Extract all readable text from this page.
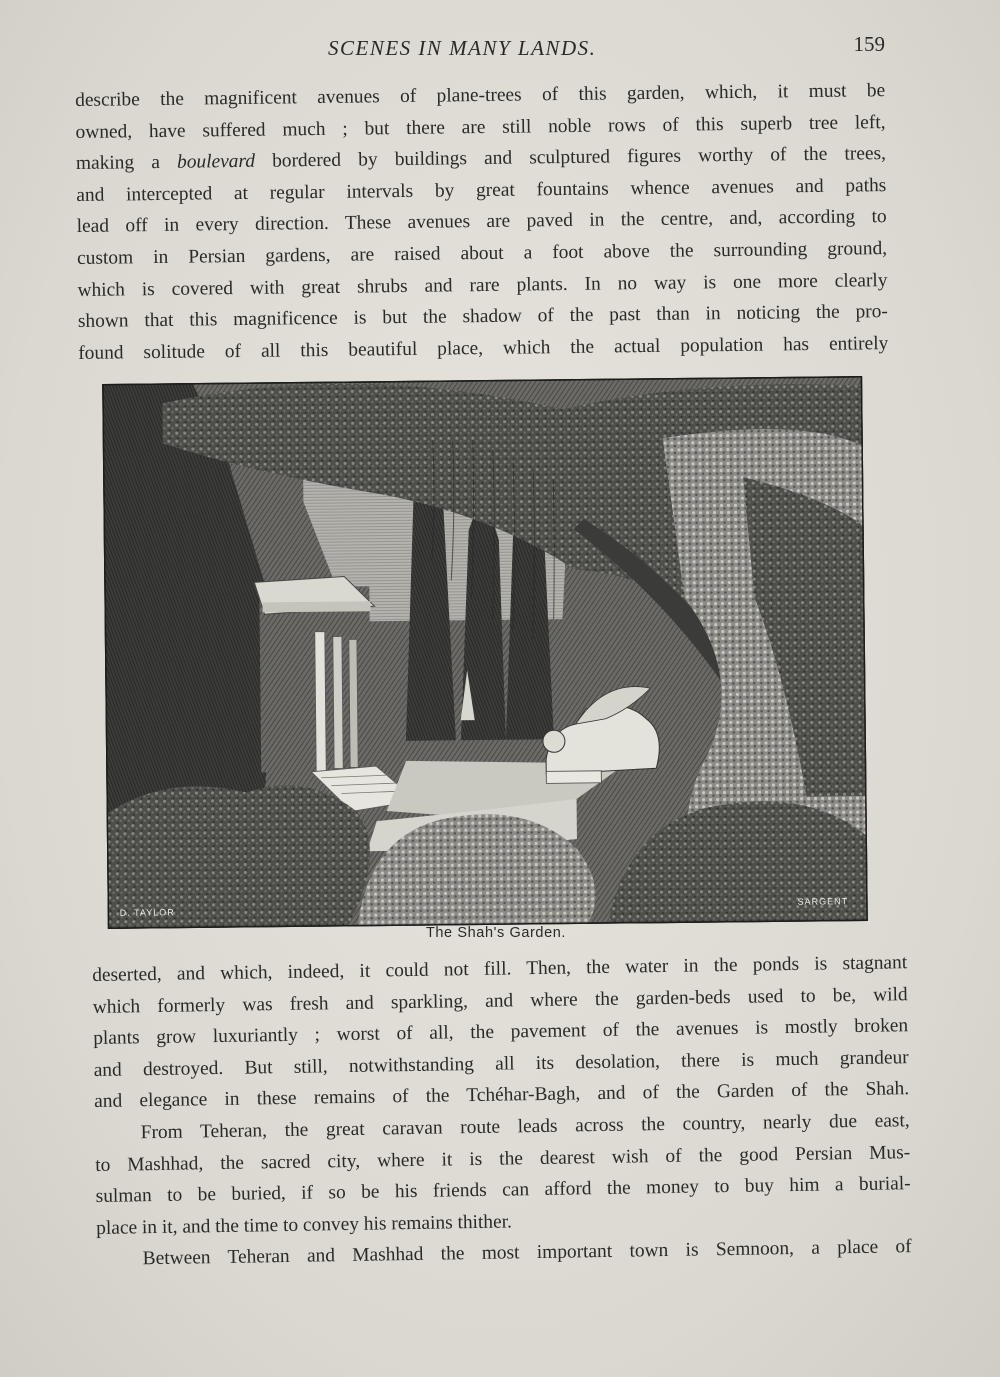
SCENES IN MANY LANDS.	159
describe the magnificent avenues of plane-trees of this garden, which, it must be
owned, have suffered much ; but there are still noble rows of this superb tree left,
making a boulevard bordered by buildings and sculptured figures worthy of the trees,
and intercepted at regular intervals by great fountains whence avenues and paths
lead off in every direction. These avenues are paved in the centre, and, according to
custom in Persian gardens, are raised about a foot above the surrounding ground,
which is covered with great shrubs and rare plants. In no way is one more clearly
shown that this magnificence is but the shadow of the past than in noticing the pro-
found solitude of all this beautiful place, which the actual population has entirely
D. TAYLOR
SARGENT
The Shah's Garden.
deserted, and which, indeed, it could not fill. Then, the water in the ponds is stagnant
which formerly was fresh and sparkling, and where the garden-beds used to be, wild
plants grow luxuriantly ; worst of all, the pavement of the avenues is mostly broken
and destroyed. But still, notwithstanding all its desolation, there is much grandeur
and elegance in these remains of the Tchéhar-Bagh, and of the Garden of the Shah.
From Teheran, the great caravan route leads across the country, nearly due east,
to Mashhad, the sacred city, where it is the dearest wish of the good Persian Mus-
sulman to be buried, if so be his friends can afford the money to buy him a burial-
place in it, and the time to convey his remains thither.
Between Teheran and Mashhad the most important town is Semnoon, a place of
